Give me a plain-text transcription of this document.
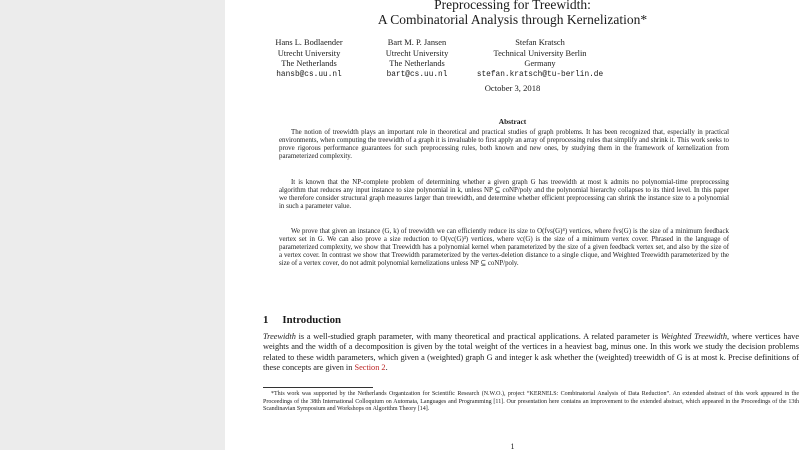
Preprocessing for Treewidth:
A Combinatorial Analysis through Kernelization*
Hans L. Bodlaender
Utrecht University
The Netherlands
hansb@cs.uu.nl
Bart M. P. Jansen
Utrecht University
The Netherlands
bart@cs.uu.nl
Stefan Kratsch
Technical University Berlin
Germany
stefan.kratsch@tu-berlin.de
October 3, 2018
Abstract

The notion of treewidth plays an important role in theoretical and practical studies of graph problems. It has been recognized that, especially in practical environments, when computing the treewidth of a graph it is invaluable to first apply an array of preprocessing rules that simplify and shrink it. This work seeks to prove rigorous performance guarantees for such preprocessing rules, both known and new ones, by studying them in the framework of kernelization from parameterized complexity.

It is known that the NP-complete problem of determining whether a given graph G has treewidth at most k admits no polynomial-time preprocessing algorithm that reduces any input instance to size polynomial in k, unless NP ⊆ coNP/poly and the polynomial hierarchy collapses to its third level. In this paper we therefore consider structural graph measures larger than treewidth, and determine whether efficient preprocessing can shrink the instance size to a polynomial in such a parameter value.

We prove that given an instance (G, k) of treewidth we can efficiently reduce its size to O(fvs(G)⁴) vertices, where fvs(G) is the size of a minimum feedback vertex set in G. We can also prove a size reduction to O(vc(G)³) vertices, where vc(G) is the size of a minimum vertex cover. Phrased in the language of parameterized complexity, we show that Treewidth has a polynomial kernel when parameterized by the size of a given feedback vertex set, and also by the size of a vertex cover. In contrast we show that Treewidth parameterized by the vertex-deletion distance to a single clique, and Weighted Treewidth parameterized by the size of a vertex cover, do not admit polynomial kernelizations unless NP ⊆ coNP/poly.

1 Introduction

Treewidth is a well-studied graph parameter, with many theoretical and practical applications. A related parameter is Weighted Treewidth, where vertices have weights and the width of a decomposition is given by the total weight of the vertices in a heaviest bag, minus one. In this work we study the decision problems related to these width parameters, which given a (weighted) graph G and integer k ask whether the (weighted) treewidth of G is at most k. Precise definitions of these concepts are given in Section 2.

*This work was supported by the Netherlands Organization for Scientific Research (N.W.O.), project “KERNELS: Combinatorial Analysis of Data Reduction”. An extended abstract of this work appeared in the Proceedings of the 38th International Colloquium on Automata, Languages and Programming [11]. Our presentation here contains an improvement to the extended abstract, which appeared in the Proceedings of the 13th Scandinavian Symposium and Workshops on Algorithm Theory [14].

1
